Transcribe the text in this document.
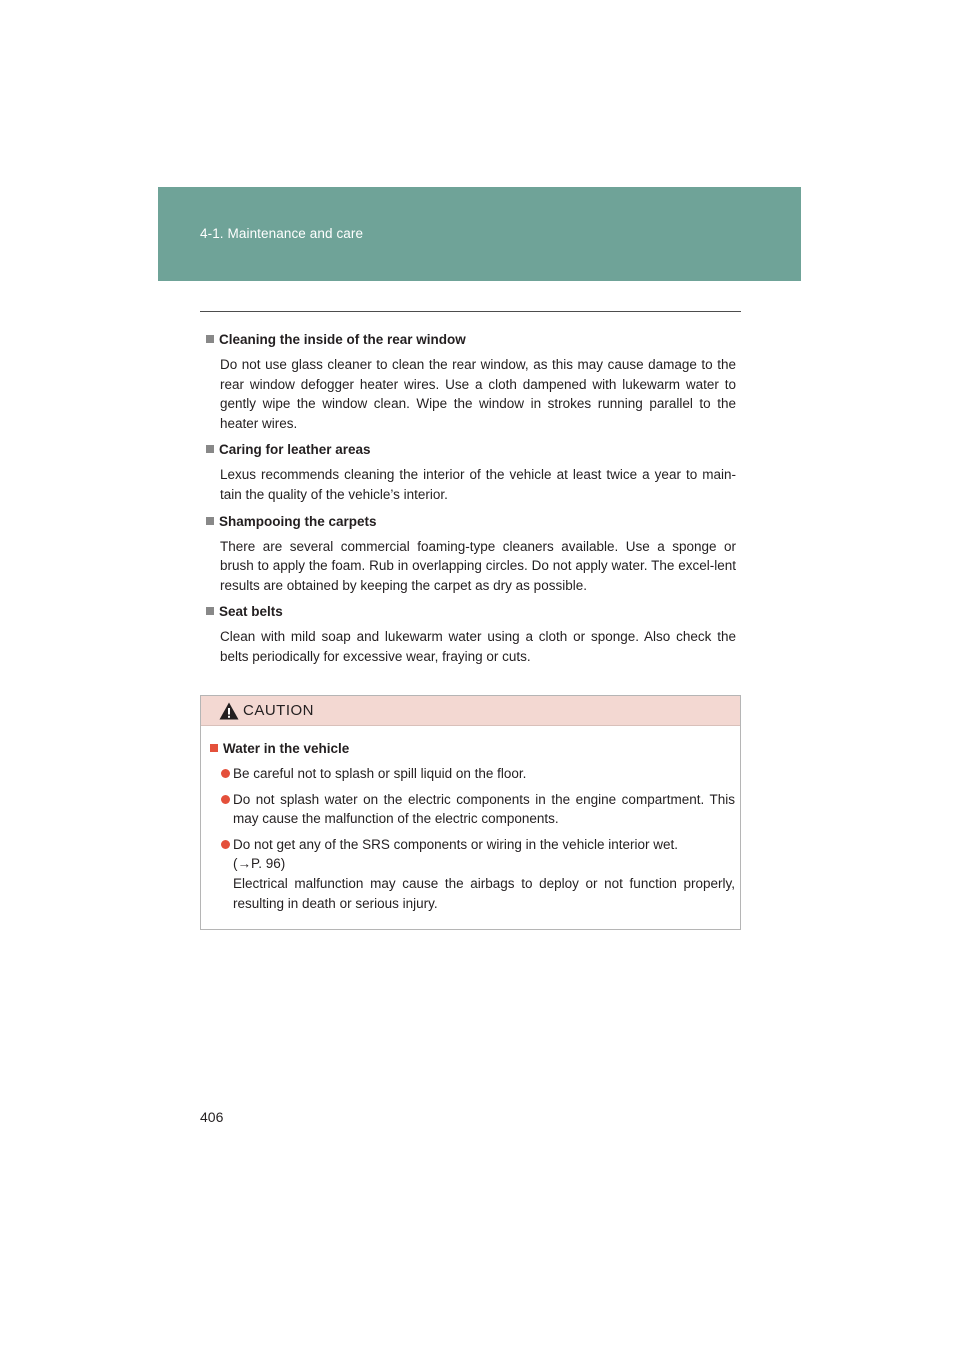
4-1. Maintenance and care

Cleaning the inside of the rear window

Do not use glass cleaner to clean the rear window, as this may cause damage to the rear window defogger heater wires. Use a cloth dampened with lukewarm water to gently wipe the window clean. Wipe the window in strokes running parallel to the heater wires.

Caring for leather areas

Lexus recommends cleaning the interior of the vehicle at least twice a year to main-tain the quality of the vehicle’s interior.

Shampooing the carpets

There are several commercial foaming-type cleaners available. Use a sponge or brush to apply the foam. Rub in overlapping circles. Do not apply water. The excel-lent results are obtained by keeping the carpet as dry as possible.

Seat belts

Clean with mild soap and lukewarm water using a cloth or sponge. Also check the belts periodically for excessive wear, fraying or cuts.

CAUTION

Water in the vehicle

Be careful not to splash or spill liquid on the floor.
Do not splash water on the electric components in the engine compartment. This may cause the malfunction of the electric components.
Do not get any of the SRS components or wiring in the vehicle interior wet.
(→P. 96)
Electrical malfunction may cause the airbags to deploy or not function properly, resulting in death or serious injury.
406
